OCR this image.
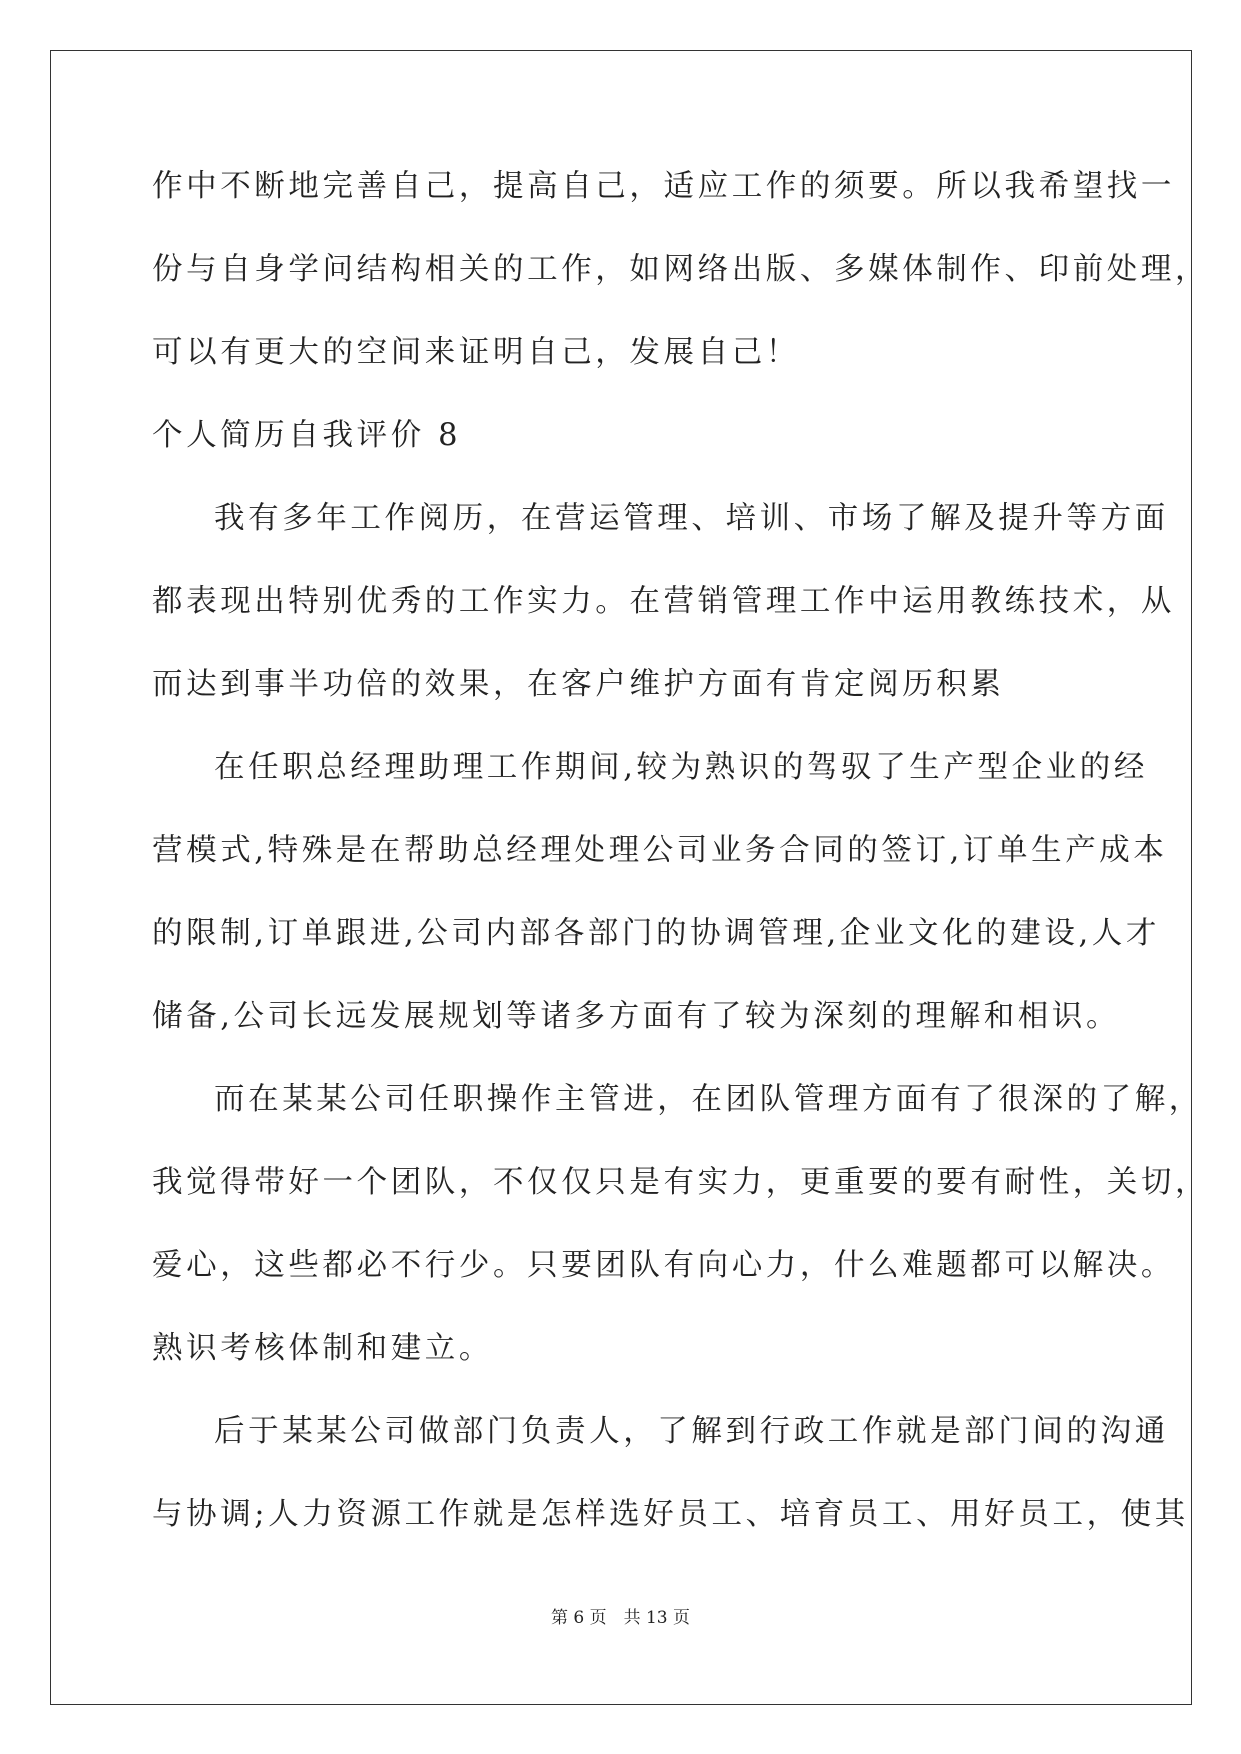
作中不断地完善自己，提高自己，适应工作的须要。所以我希望找一
份与自身学问结构相关的工作，如网络出版、多媒体制作、印前处理，
可以有更大的空间来证明自己，发展自己！
个人简历自我评价 8
我有多年工作阅历，在营运管理、培训、市场了解及提升等方面
都表现出特别优秀的工作实力。在营销管理工作中运用教练技术，从
而达到事半功倍的效果，在客户维护方面有肯定阅历积累
在任职总经理助理工作期间,较为熟识的驾驭了生产型企业的经
营模式,特殊是在帮助总经理处理公司业务合同的签订,订单生产成本
的限制,订单跟进,公司内部各部门的协调管理,企业文化的建设,人才
储备,公司长远发展规划等诸多方面有了较为深刻的理解和相识。
而在某某公司任职操作主管进，在团队管理方面有了很深的了解，
我觉得带好一个团队，不仅仅只是有实力，更重要的要有耐性，关切，
爱心，这些都必不行少。只要团队有向心力，什么难题都可以解决。
熟识考核体制和建立。
后于某某公司做部门负责人，了解到行政工作就是部门间的沟通
与协调;人力资源工作就是怎样选好员工、培育员工、用好员工，使其
第 6 页　共 13 页
